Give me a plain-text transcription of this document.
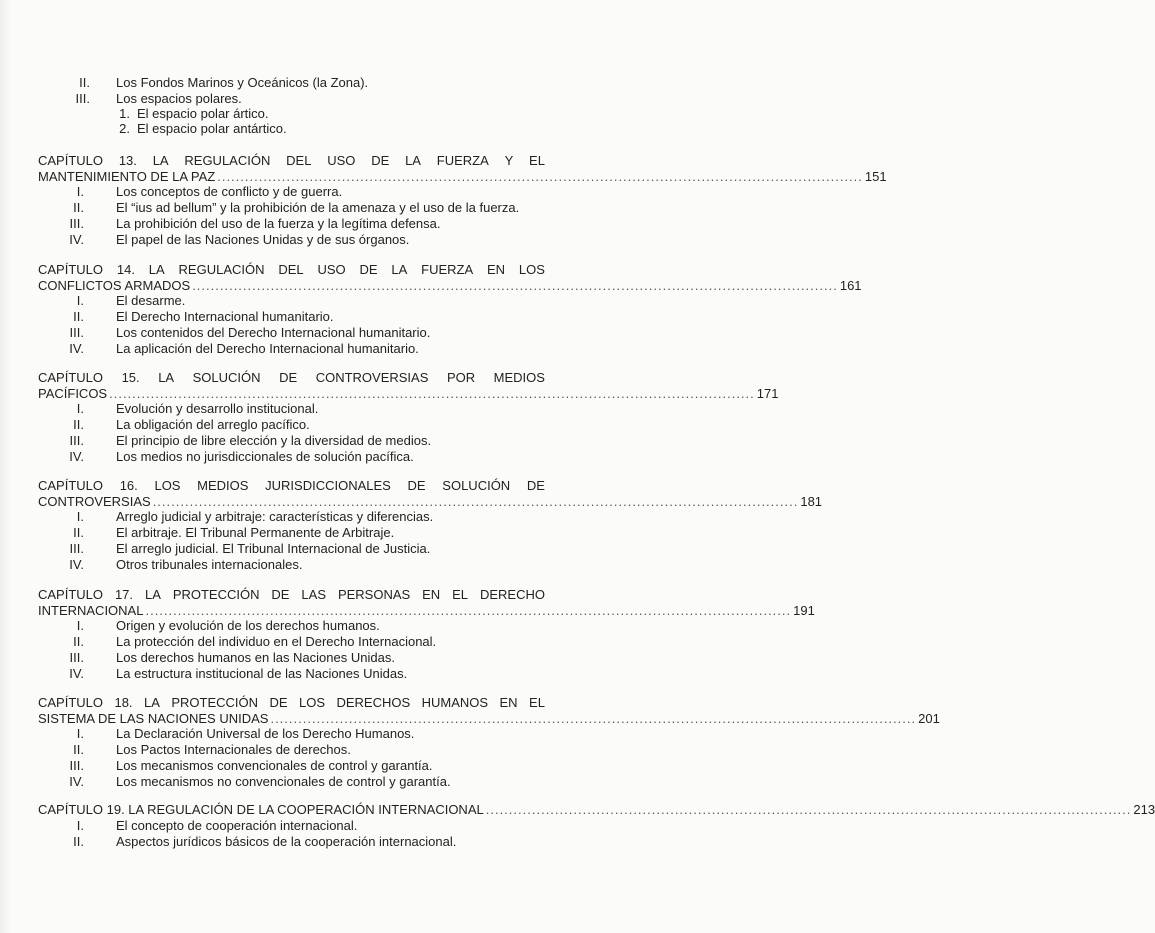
II. Los Fondos Marinos y Oceánicos (la Zona).
III. Los espacios polares.
1. El espacio polar ártico.
2. El espacio polar antártico.
CAPÍTULO 13. LA REGULACIÓN DEL USO DE LA FUERZA Y EL
MANTENIMIENTO DE LA PAZ ............................................................................................................................................ 151
I. Los conceptos de conflicto y de guerra.
II. El “ius ad bellum” y la prohibición de la amenaza y el uso de la fuerza.
III. La prohibición del uso de la fuerza y la legítima defensa.
IV. El papel de las Naciones Unidas y de sus órganos.
CAPÍTULO 14. LA REGULACIÓN DEL USO DE LA FUERZA EN LOS
CONFLICTOS ARMADOS ............................................................................................................................................ 161
I. El desarme.
II. El Derecho Internacional humanitario.
III. Los contenidos del Derecho Internacional humanitario.
IV. La aplicación del Derecho Internacional humanitario.
CAPÍTULO 15. LA SOLUCIÓN DE CONTROVERSIAS POR MEDIOS
PACÍFICOS ............................................................................................................................................ 171
I. Evolución y desarrollo institucional.
II. La obligación del arreglo pacífico.
III. El principio de libre elección y la diversidad de medios.
IV. Los medios no jurisdiccionales de solución pacífica.
CAPÍTULO 16. LOS MEDIOS JURISDICCIONALES DE SOLUCIÓN DE
CONTROVERSIAS ............................................................................................................................................ 181
I. Arreglo judicial y arbitraje: características y diferencias.
II. El arbitraje. El Tribunal Permanente de Arbitraje.
III. El arreglo judicial. El Tribunal Internacional de Justicia.
IV. Otros tribunales internacionales.
CAPÍTULO 17. LA PROTECCIÓN DE LAS PERSONAS EN EL DERECHO
INTERNACIONAL ............................................................................................................................................ 191
I. Origen y evolución de los derechos humanos.
II. La protección del individuo en el Derecho Internacional.
III. Los derechos humanos en las Naciones Unidas.
IV. La estructura institucional de las Naciones Unidas.
CAPÍTULO 18. LA PROTECCIÓN DE LOS DERECHOS HUMANOS EN EL
SISTEMA DE LAS NACIONES UNIDAS ............................................................................................................................................ 201
I. La Declaración Universal de los Derecho Humanos.
II. Los Pactos Internacionales de derechos.
III. Los mecanismos convencionales de control y garantía.
IV. Los mecanismos no convencionales de control y garantía.
CAPÍTULO 19. LA REGULACIÓN DE LA COOPERACIÓN INTERNACIONAL ............................................................................................................................................ 213
I. El concepto de cooperación internacional.
II. Aspectos jurídicos básicos de la cooperación internacional.
